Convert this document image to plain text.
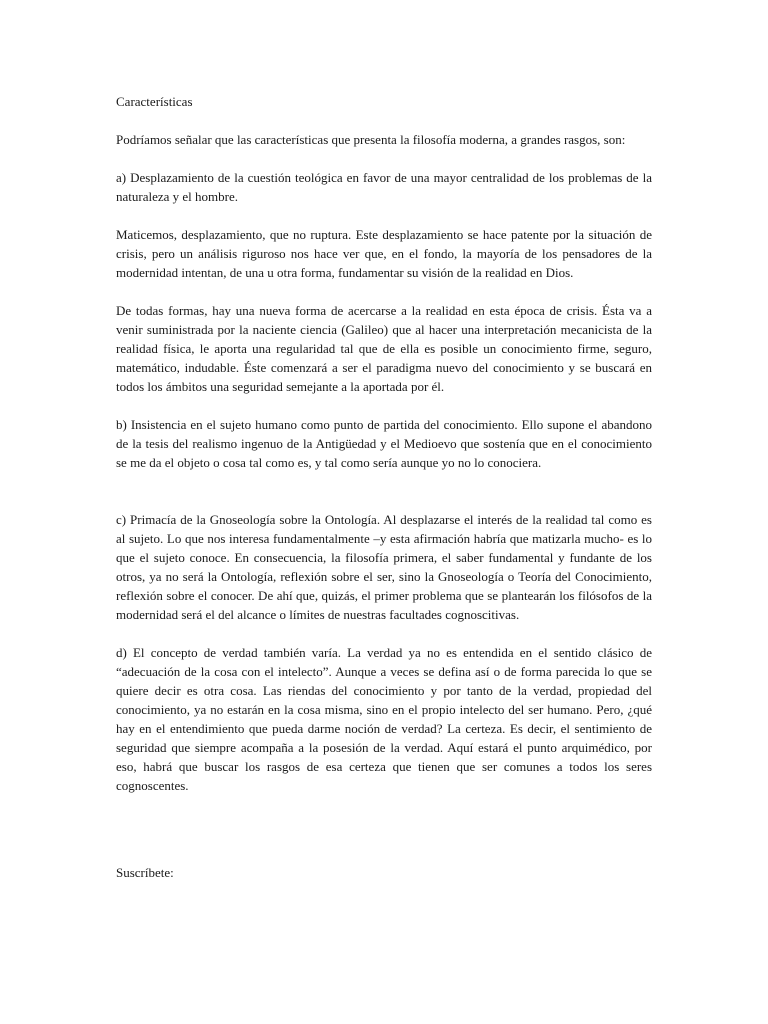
Características

Podríamos señalar que las características que presenta la filosofía moderna, a grandes rasgos, son:

a) Desplazamiento de la cuestión teológica en favor de una mayor centralidad de los problemas de la naturaleza y el hombre.

Maticemos, desplazamiento, que no ruptura. Este desplazamiento se hace patente por la situación de crisis, pero un análisis riguroso nos hace ver que, en el fondo, la mayoría de los pensadores de la modernidad intentan, de una u otra forma, fundamentar su visión de la realidad en Dios.

De todas formas, hay una nueva forma de acercarse a la realidad en esta época de crisis. Ésta va a venir suministrada por la naciente ciencia (Galileo) que al hacer una interpretación mecanicista de la realidad física, le aporta una regularidad tal que de ella es posible un conocimiento firme, seguro, matemático, indudable. Éste comenzará a ser el paradigma nuevo del conocimiento y se buscará en todos los ámbitos una seguridad semejante a la aportada por él.

b) Insistencia en el sujeto humano como punto de partida del conocimiento. Ello supone el abandono de la tesis del realismo ingenuo de la Antigüedad y el Medioevo que sostenía que en el conocimiento se me da el objeto o cosa tal como es, y tal como sería aunque yo no lo conociera.

c) Primacía de la Gnoseología sobre la Ontología. Al desplazarse el interés de la realidad tal como es al sujeto. Lo que nos interesa fundamentalmente –y esta afirmación habría que matizarla mucho- es lo que el sujeto conoce. En consecuencia, la filosofía primera, el saber fundamental y fundante de los otros, ya no será la Ontología, reflexión sobre el ser, sino la Gnoseología o Teoría del Conocimiento, reflexión sobre el conocer. De ahí que, quizás, el primer problema que se plantearán los filósofos de la modernidad será el del alcance o límites de nuestras facultades cognoscitivas.

d) El concepto de verdad también varía. La verdad ya no es entendida en el sentido clásico de “adecuación de la cosa con el intelecto”. Aunque a veces se defina así o de forma parecida lo que se quiere decir es otra cosa. Las riendas del conocimiento y por tanto de la verdad, propiedad del conocimiento, ya no estarán en la cosa misma, sino en el propio intelecto del ser humano. Pero, ¿qué hay en el entendimiento que pueda darme noción de verdad? La certeza. Es decir, el sentimiento de seguridad que siempre acompaña a la posesión de la verdad. Aquí estará el punto arquimédico, por eso, habrá que buscar los rasgos de esa certeza que tienen que ser comunes a todos los seres cognoscentes.

Suscríbete:
